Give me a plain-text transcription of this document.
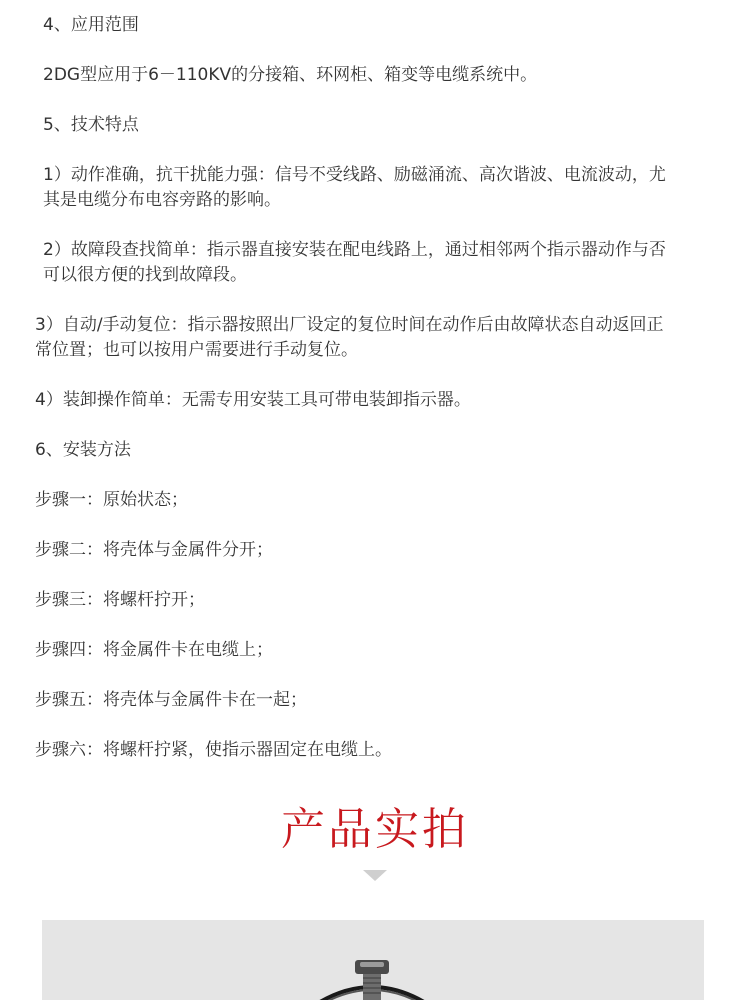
4、应用范围
2DG型应用于6－110KV的分接箱、环网柜、箱变等电缆系统中。
5、技术特点
1）动作准确，抗干扰能力强：信号不受线路、励磁涌流、高次谐波、电流波动，尤
其是电缆分布电容旁路的影响。
2）故障段查找简单：指示器直接安装在配电线路上，通过相邻两个指示器动作与否
可以很方便的找到故障段。
3）自动/手动复位：指示器按照出厂设定的复位时间在动作后由故障状态自动返回正
常位置；也可以按用户需要进行手动复位。
4）装卸操作简单：无需专用安装工具可带电装卸指示器。
6、安装方法
步骤一：原始状态；
步骤二：将壳体与金属件分开；
步骤三：将螺杆拧开；
步骤四：将金属件卡在电缆上；
步骤五：将壳体与金属件卡在一起；
步骤六：将螺杆拧紧，使指示器固定在电缆上。
产品实拍
